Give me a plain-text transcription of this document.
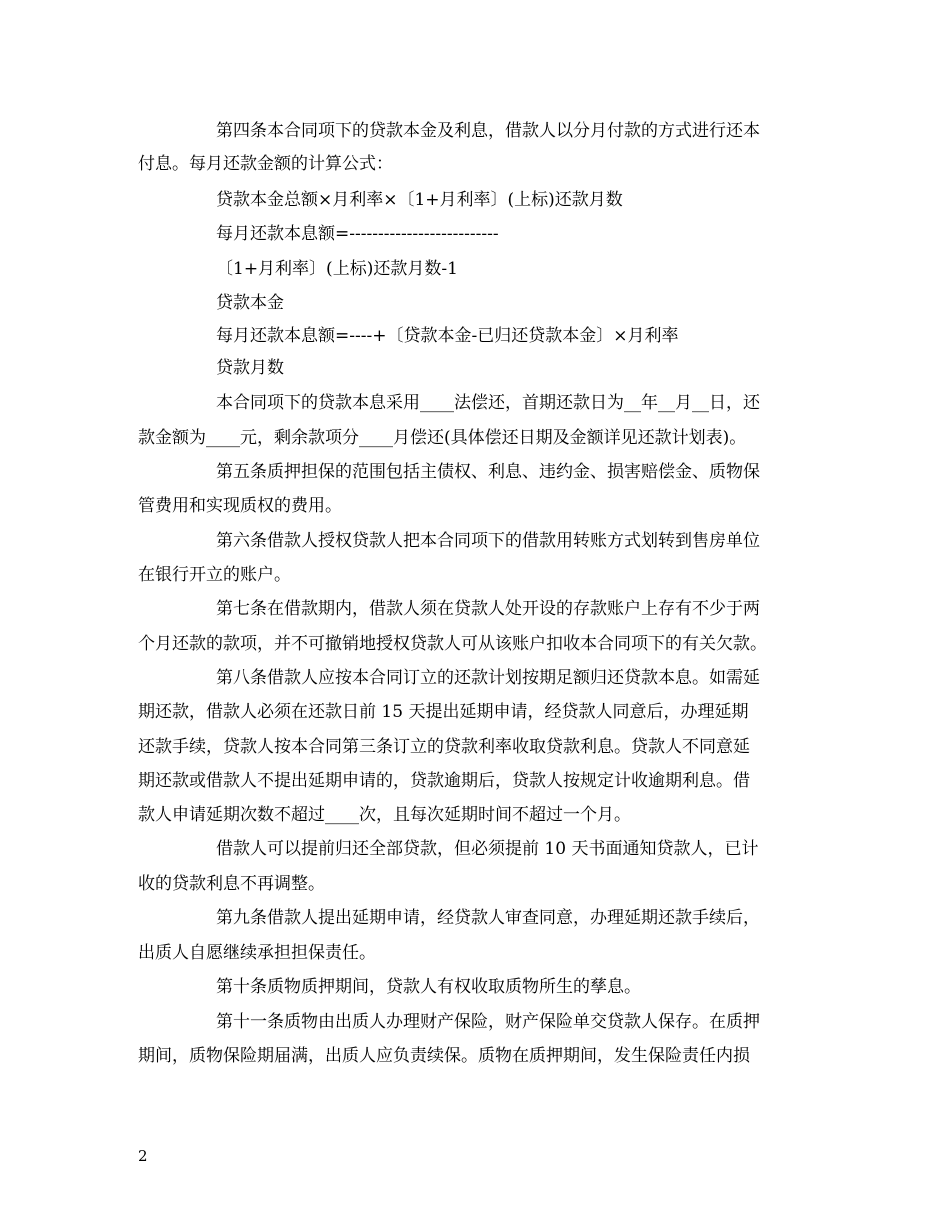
第四条本合同项下的贷款本金及利息，借款人以分月付款的方式进行还本
付息。每月还款金额的计算公式：
贷款本金总额×月利率×〔1+月利率〕(上标)还款月数
每月还款本息额=--------------------------
〔1+月利率〕(上标)还款月数-1
贷款本金
每月还款本息额=----+〔贷款本金-已归还贷款本金〕×月利率
贷款月数
本合同项下的贷款本息采用____法偿还，首期还款日为__年__月__日，还
款金额为____元，剩余款项分____月偿还(具体偿还日期及金额详见还款计划表)。
第五条质押担保的范围包括主债权、利息、违约金、损害赔偿金、质物保
管费用和实现质权的费用。
第六条借款人授权贷款人把本合同项下的借款用转账方式划转到售房单位
在银行开立的账户。
第七条在借款期内，借款人须在贷款人处开设的存款账户上存有不少于两
个月还款的款项，并不可撤销地授权贷款人可从该账户扣收本合同项下的有关欠款。
第八条借款人应按本合同订立的还款计划按期足额归还贷款本息。如需延
期还款，借款人必须在还款日前 15 天提出延期申请，经贷款人同意后，办理延期
还款手续，贷款人按本合同第三条订立的贷款利率收取贷款利息。贷款人不同意延
期还款或借款人不提出延期申请的，贷款逾期后，贷款人按规定计收逾期利息。借
款人申请延期次数不超过____次，且每次延期时间不超过一个月。
借款人可以提前归还全部贷款，但必须提前 10 天书面通知贷款人，已计
收的贷款利息不再调整。
第九条借款人提出延期申请，经贷款人审查同意，办理延期还款手续后，
出质人自愿继续承担担保责任。
第十条质物质押期间，贷款人有权收取质物所生的孳息。
第十一条质物由出质人办理财产保险，财产保险单交贷款人保存。在质押
期间，质物保险期届满，出质人应负责续保。质物在质押期间，发生保险责任内损
2
